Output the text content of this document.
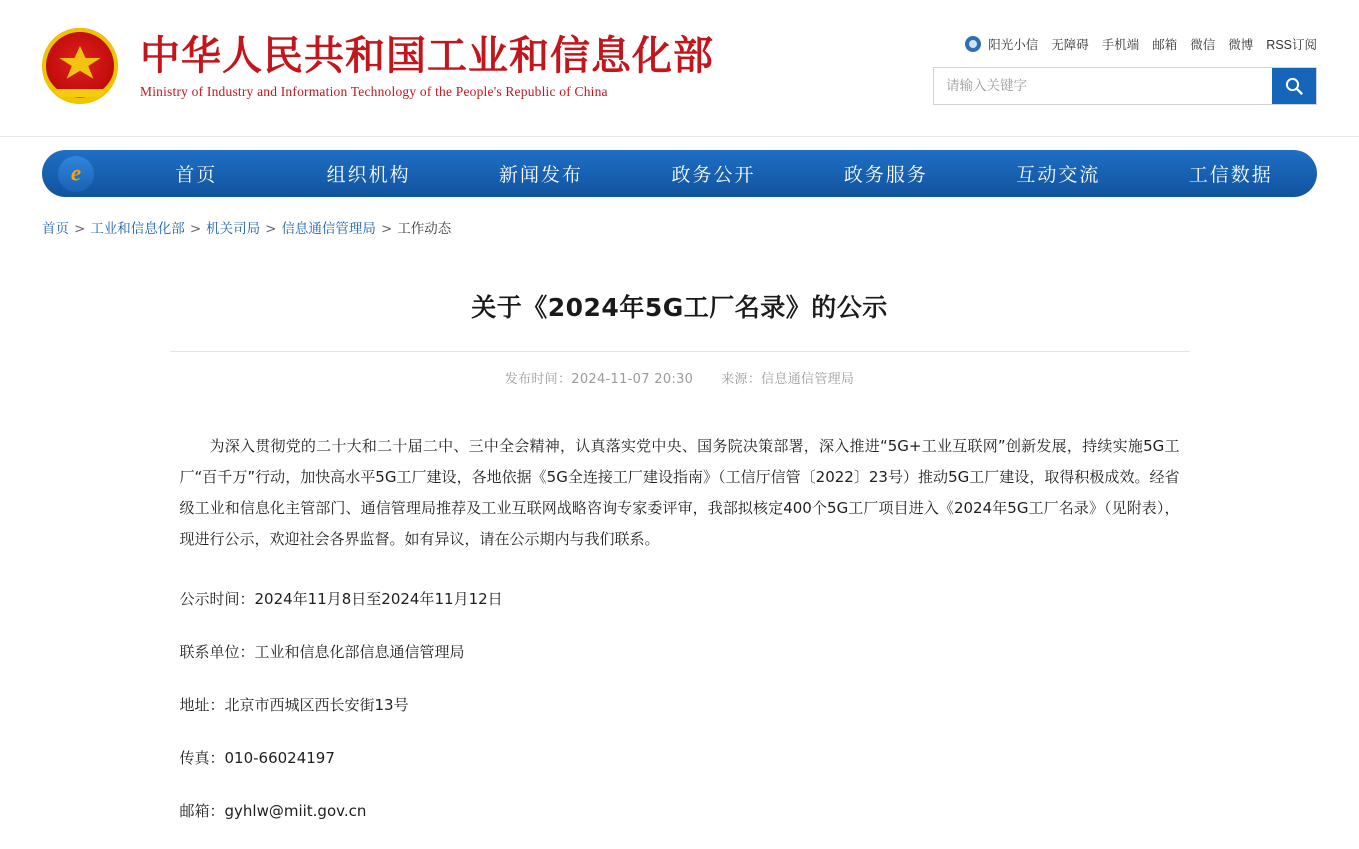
中华人民共和国工业和信息化部
Ministry of Industry and Information Technology of the People's Republic of China
阳光小信 无障碍 手机端 邮箱 微信 微博 RSS订阅
请输入关键字
e
首页	组织机构	新闻发布	政务公开	政务服务	互动交流	工信数据
首页 > 工业和信息化部 > 机关司局 > 信息通信管理局 > 工作动态
关于《2024年5G工厂名录》的公示
发布时间：2024-11-07 20:30 来源：信息通信管理局

为深入贯彻党的二十大和二十届二中、三中全会精神，认真落实党中央、国务院决策部署，深入推进“5G+工业互联网”创新发展，持续实施5G工厂“百千万”行动，加快高水平5G工厂建设，各地依据《5G全连接工厂建设指南》（工信厅信管〔2022〕23号）推动5G工厂建设，取得积极成效。经省级工业和信息化主管部门、通信管理局推荐及工业互联网战略咨询专家委评审，我部拟核定400个5G工厂项目进入《2024年5G工厂名录》（见附表），现进行公示，欢迎社会各界监督。如有异议，请在公示期内与我们联系。

公示时间：2024年11月8日至2024年11月12日

联系单位：工业和信息化部信息通信管理局

地址：北京市西城区西长安街13号

传真：010-66024197

邮箱：gyhlw@miit.gov.cn
